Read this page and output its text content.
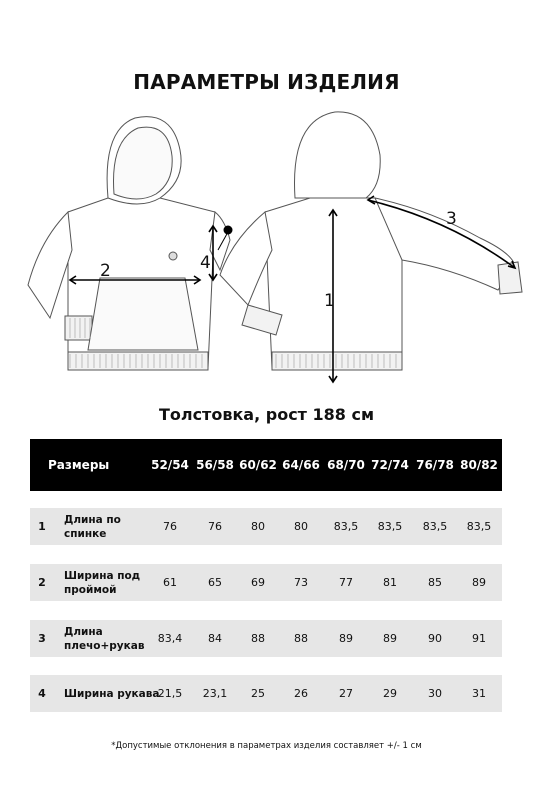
ПАРАМЕТРЫ ИЗДЕЛИЯ
1
2
3
4
Толстовка, рост 188 см
Размеры	52/54 56/58 60/62 64/66 68/70 72/74 76/78 80/82
1
Длина по спинке
76	76	80	80	83,5	83,5	83,5	83,5
2
Ширина под проймой
61	65	69	73	77	81	85	89
3
Длина плечо+рукав
83,4	84	88	88	89	89	90	91
4	Ширина рукава
21,5	23,1	25	26	27	29	30	31
*Допустимые отклонения в параметрах изделия составляет +/- 1 см
